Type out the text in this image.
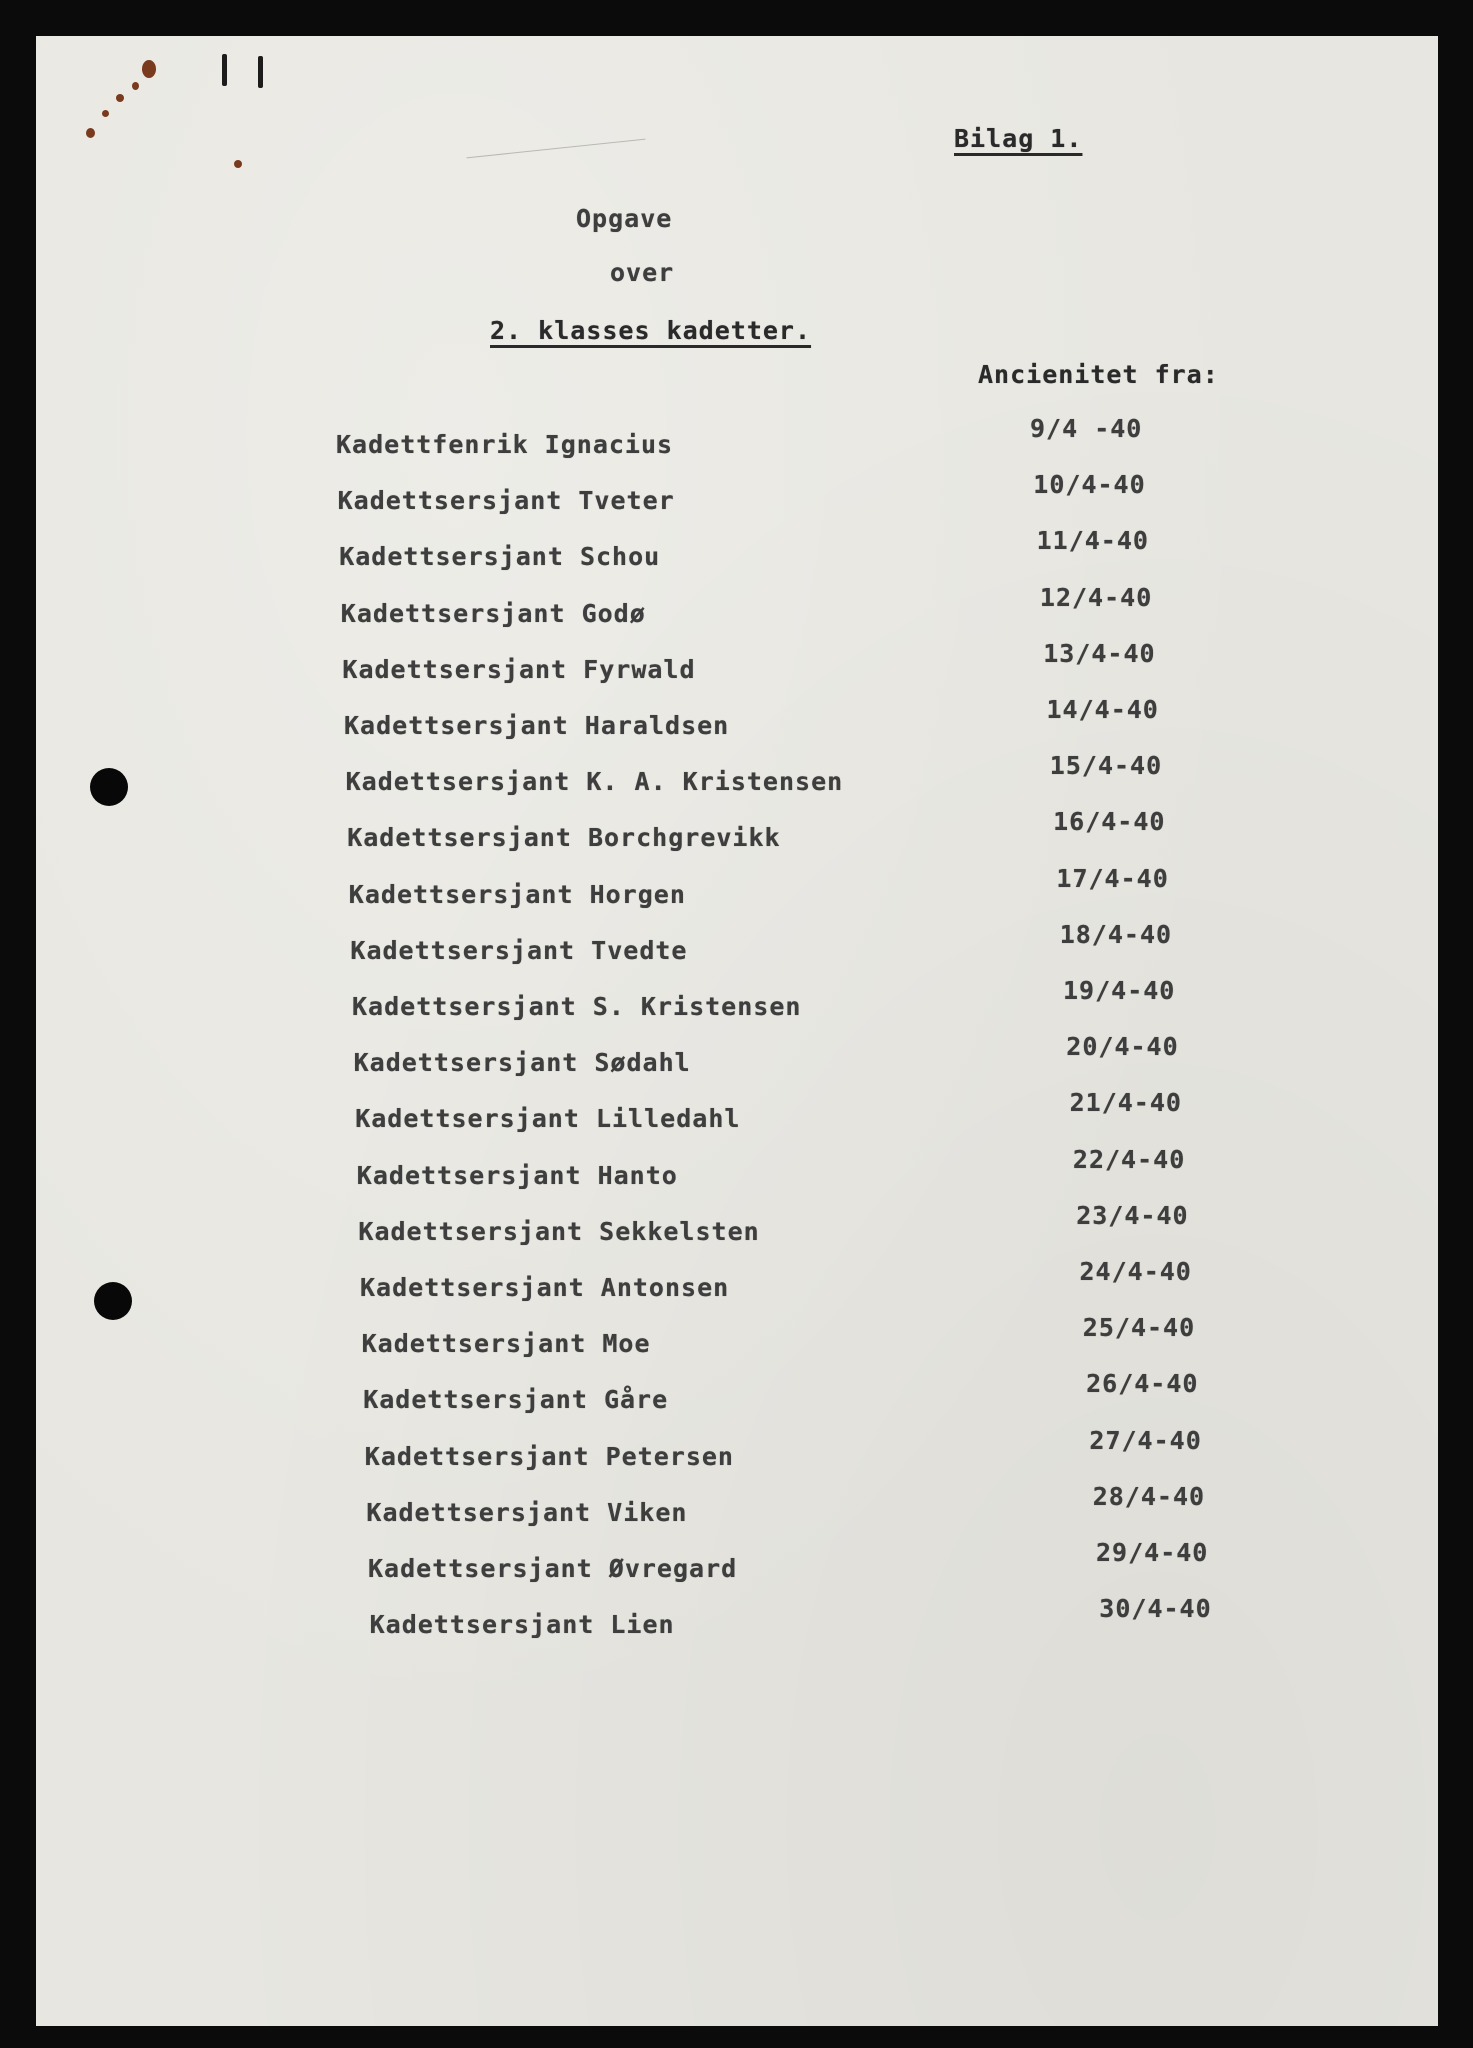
Bilag 1.
Opgave
over
2. klasses kadetter.
Ancienitet fra:
Kadettfenrik Ignacius
9/4 -40
Kadettsersjant Tveter
10/4-40
Kadettsersjant Schou
11/4-40
Kadettsersjant Godø
12/4-40
Kadettsersjant Fyrwald
13/4-40
Kadettsersjant Haraldsen
14/4-40
Kadettsersjant K. A. Kristensen
15/4-40
Kadettsersjant Borchgrevikk
16/4-40
Kadettsersjant Horgen
17/4-40
Kadettsersjant Tvedte
18/4-40
Kadettsersjant S. Kristensen
19/4-40
Kadettsersjant Sødahl
20/4-40
Kadettsersjant Lilledahl
21/4-40
Kadettsersjant Hanto
22/4-40
Kadettsersjant Sekkelsten
23/4-40
Kadettsersjant Antonsen
24/4-40
Kadettsersjant Moe
25/4-40
Kadettsersjant Gåre
26/4-40
Kadettsersjant Petersen
27/4-40
Kadettsersjant Viken
28/4-40
Kadettsersjant Øvregard
29/4-40
Kadettsersjant Lien
30/4-40
